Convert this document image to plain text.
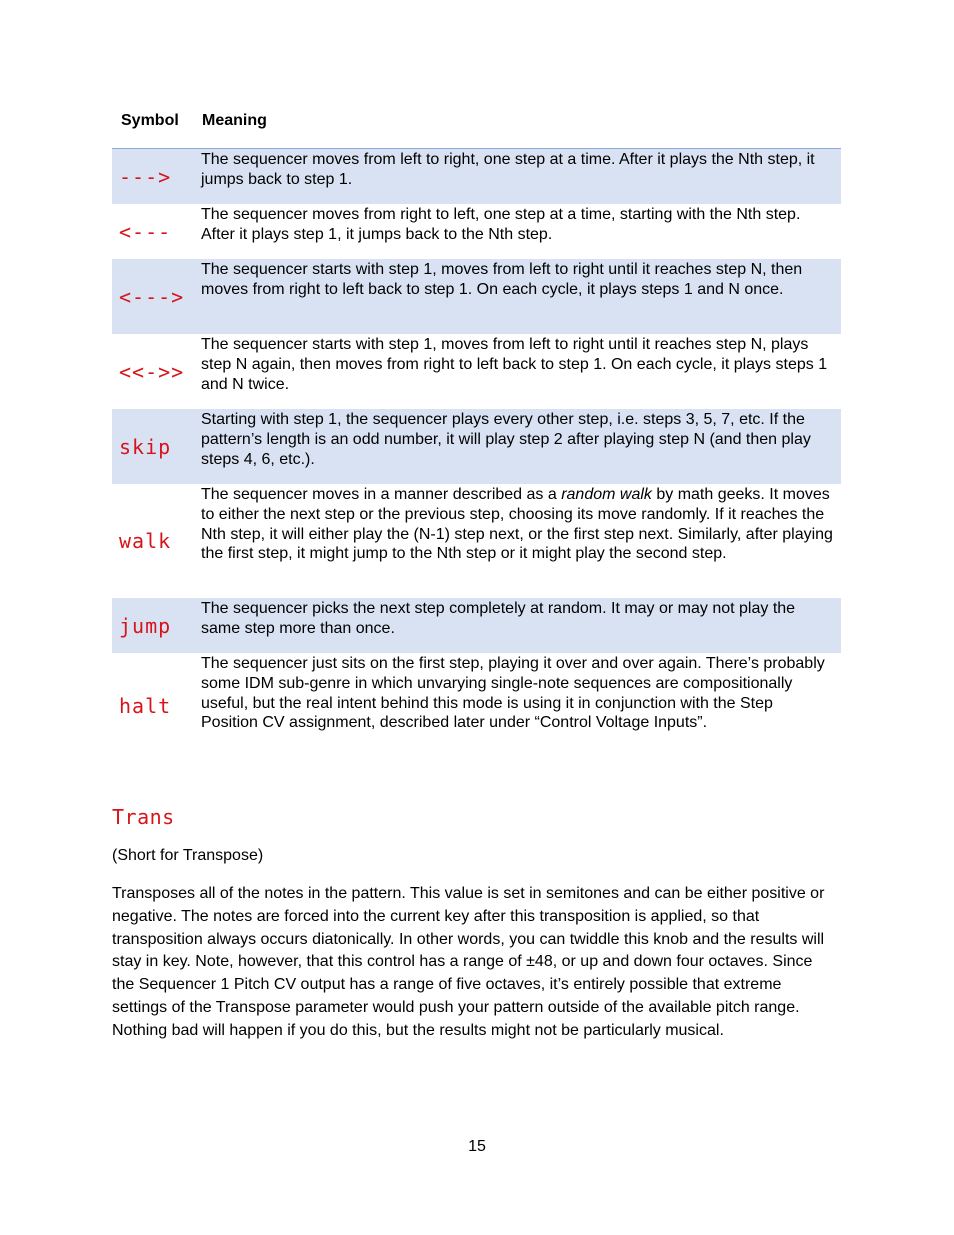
Symbol Meaning
--->
The sequencer moves from left to right, one step at a time. After it plays the Nth step, it jumps back to step 1.
<---
The sequencer moves from right to left, one step at a time, starting with the Nth step. After it plays step 1, it jumps back to the Nth step.
<--->
The sequencer starts with step 1, moves from left to right until it reaches step N, then moves from right to left back to step 1. On each cycle, it plays steps 1 and N once.
<<->>
The sequencer starts with step 1, moves from left to right until it reaches step N, plays step N again, then moves from right to left back to step 1. On each cycle, it plays steps 1 and N twice.
skip
Starting with step 1, the sequencer plays every other step, i.e. steps 3, 5, 7, etc. If the pattern’s length is an odd number, it will play step 2 after playing step N (and then play steps 4, 6, etc.).
walk
The sequencer moves in a manner described as a random walk by math geeks. It moves to either the next step or the previous step, choosing its move randomly. If it reaches the Nth step, it will either play the (N-1) step next, or the first step next. Similarly, after playing the first step, it might jump to the Nth step or it might play the second step.
jump
The sequencer picks the next step completely at random. It may or may not play the same step more than once.
halt
The sequencer just sits on the first step, playing it over and over again. There’s probably some IDM sub-genre in which unvarying single-note sequences are compositionally useful, but the real intent behind this mode is using it in conjunction with the Step Position CV assignment, described later under “Control Voltage Inputs”.
Trans
(Short for Transpose)
Transposes all of the notes in the pattern. This value is set in semitones and can be either positive or negative. The notes are forced into the current key after this transposition is applied, so that transposition always occurs diatonically. In other words, you can twiddle this knob and the results will stay in key. Note, however, that this control has a range of ±48, or up and down four octaves. Since the Sequencer 1 Pitch CV output has a range of five octaves, it’s entirely possible that extreme settings of the Transpose parameter would push your pattern outside of the available pitch range. Nothing bad will happen if you do this, but the results might not be particularly musical.
15
